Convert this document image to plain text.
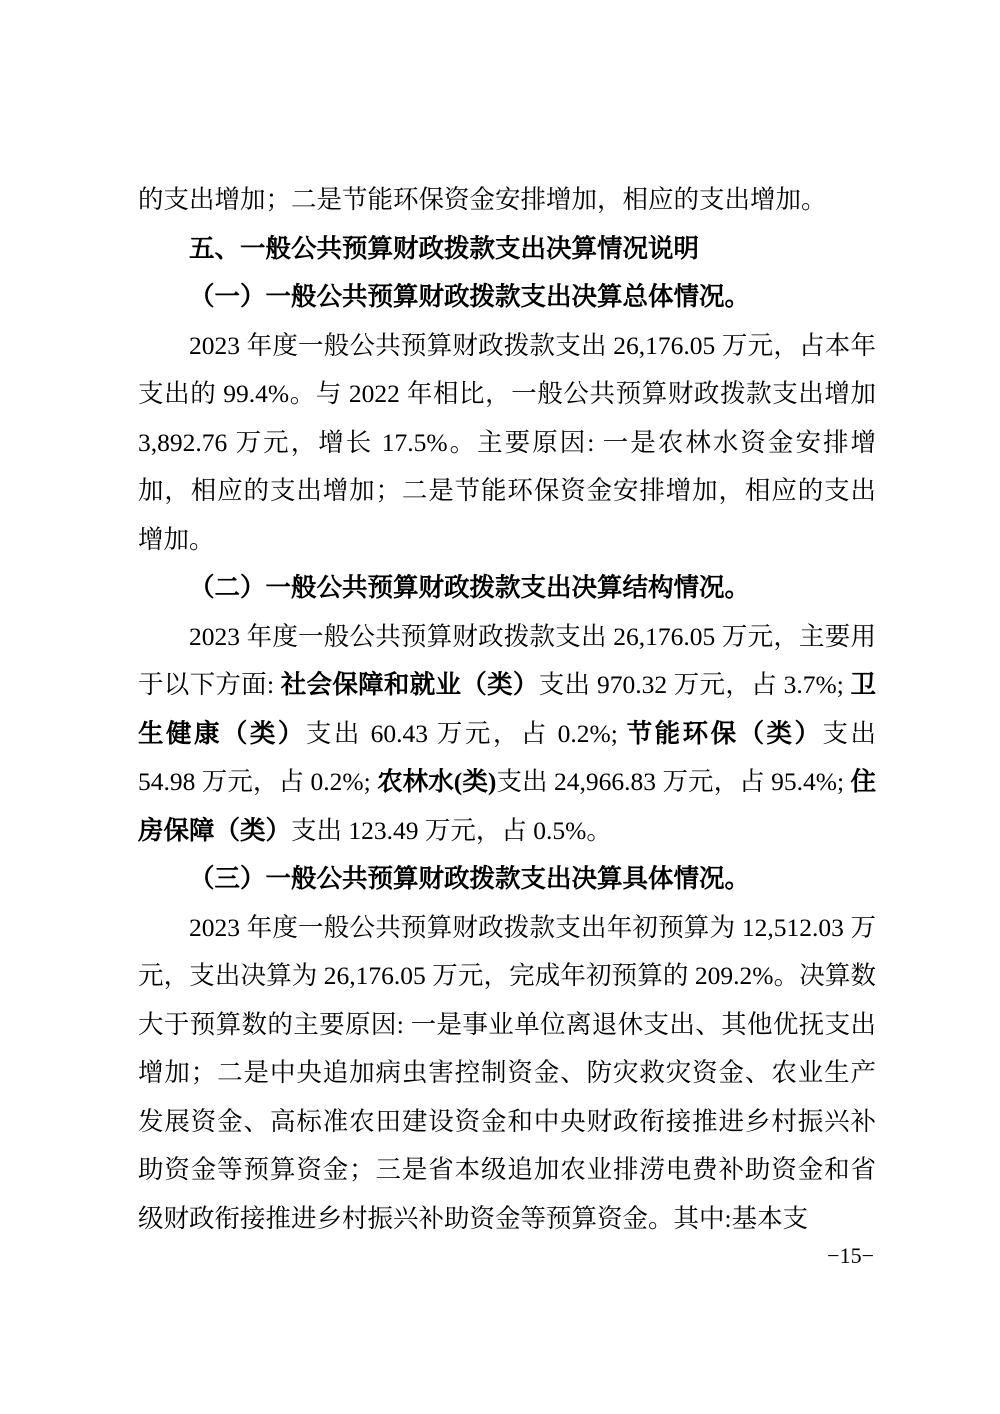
的支出增加；二是节能环保资金安排增加，相应的支出增加。

五、一般公共预算财政拨款支出决算情况说明
（一）一般公共预算财政拨款支出决算总体情况。

2023 年度一般公共预算财政拨款支出 26,176.05 万元，占本年支出的 99.4%。与 2022 年相比，一般公共预算财政拨款支出增加 3,892.76 万元，增长 17.5%。主要原因: 一是农林水资金安排增加，相应的支出增加；二是节能环保资金安排增加，相应的支出增加。

（二）一般公共预算财政拨款支出决算结构情况。

2023 年度一般公共预算财政拨款支出 26,176.05 万元，主要用于以下方面: 社会保障和就业（类）支出 970.32 万元，占 3.7%; 卫生健康（类）支出 60.43 万元，占 0.2%; 节能环保（类）支出 54.98 万元，占 0.2%; 农林水(类)支出 24,966.83 万元，占 95.4%; 住房保障（类）支出 123.49 万元，占 0.5%。

（三）一般公共预算财政拨款支出决算具体情况。

2023 年度一般公共预算财政拨款支出年初预算为 12,512.03 万元，支出决算为 26,176.05 万元，完成年初预算的 209.2%。决算数大于预算数的主要原因: 一是事业单位离退休支出、其他优抚支出增加；二是中央追加病虫害控制资金、防灾救灾资金、农业生产发展资金、高标准农田建设资金和中央财政衔接推进乡村振兴补助资金等预算资金；三是省本级追加农业排涝电费补助资金和省级财政衔接推进乡村振兴补助资金等预算资金。其中:基本支

−15−
